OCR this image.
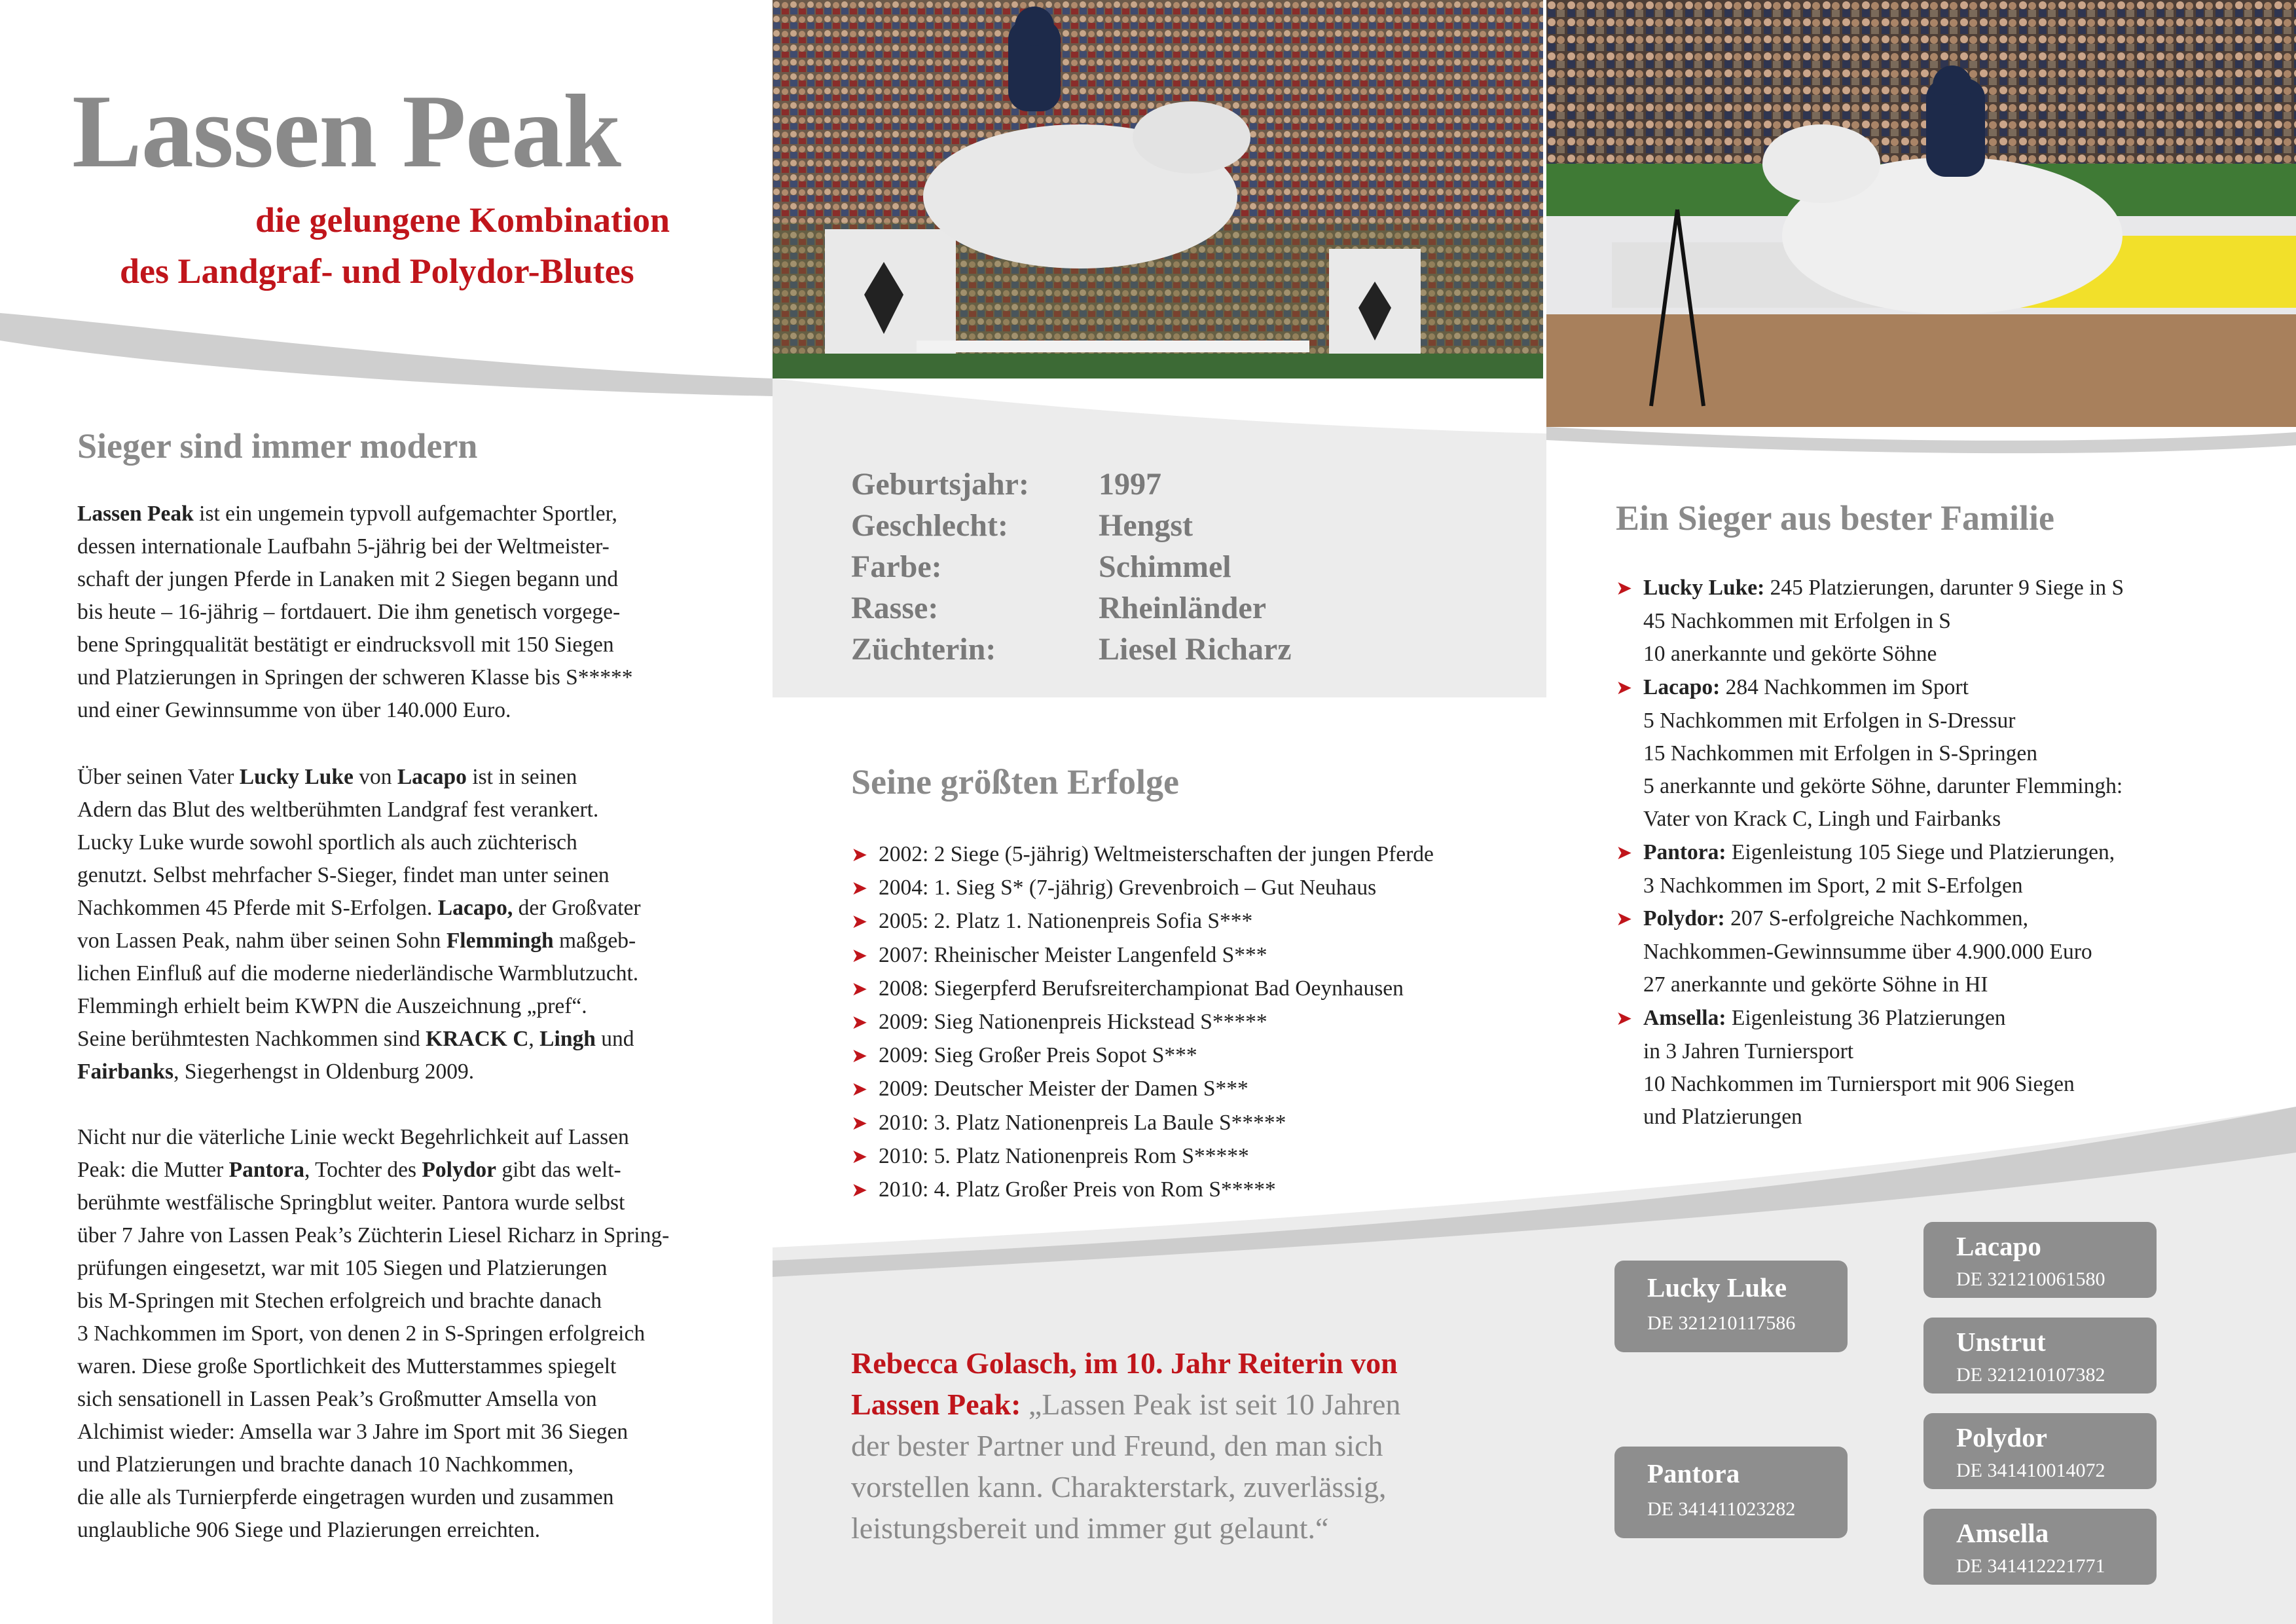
Lassen Peak
die gelungene Kombination
des Landgraf- und Polydor-Blutes
Sieger sind immer modern
Lassen Peak ist ein ungemein typvoll aufgemachter Sportler,
dessen internationale Laufbahn 5-jährig bei der Weltmeister-
schaft der jungen Pferde in Lanaken mit 2 Siegen begann und
bis heute – 16-jährig – fortdauert. Die ihm genetisch vorgege-
bene Springqualität bestätigt er eindrucksvoll mit 150 Siegen
und Platzierungen in Springen der schweren Klasse bis S*****
und einer Gewinnsumme von über 140.000 Euro.
Über seinen Vater Lucky Luke von Lacapo ist in seinen
Adern das Blut des weltberühmten Landgraf fest verankert.
Lucky Luke wurde sowohl sportlich als auch züchterisch
genutzt. Selbst mehrfacher S-Sieger, findet man unter seinen
Nachkommen 45 Pferde mit S-Erfolgen. Lacapo, der Großvater
von Lassen Peak, nahm über seinen Sohn Flemmingh maßgeb-
lichen Einfluß auf die moderne niederländische Warmblutzucht.
Flemmingh erhielt beim KWPN die Auszeichnung „pref“.
Seine berühmtesten Nachkommen sind KRACK C, Lingh und
Fairbanks, Siegerhengst in Oldenburg 2009.
Nicht nur die väterliche Linie weckt Begehrlichkeit auf Lassen
Peak: die Mutter Pantora, Tochter des Polydor gibt das welt-
berühmte westfälische Springblut weiter. Pantora wurde selbst
über 7 Jahre von Lassen Peak’s Züchterin Liesel Richarz in Spring-
prüfungen eingesetzt, war mit 105 Siegen und Platzierungen
bis M-Springen mit Stechen erfolgreich und brachte danach
3 Nachkommen im Sport, von denen 2 in S-Springen erfolgreich
waren. Diese große Sportlichkeit des Mutterstammes spiegelt
sich sensationell in Lassen Peak’s Großmutter Amsella von
Alchimist wieder: Amsella war 3 Jahre im Sport mit 36 Siegen
und Platzierungen und brachte danach 10 Nachkommen,
die alle als Turnierpferde eingetragen wurden und zusammen
unglaubliche 906 Siege und Plazierungen erreichten.
Geburtsjahr: 1997
Geschlecht:	Hengst
Farbe:	Schimmel
Rasse:	Rheinländer
Züchterin:	Liesel Richarz
Seine größten Erfolge
➤ 2002: 2 Siege (5-jährig) Weltmeisterschaften der jungen Pferde
➤ 2004: 1. Sieg S* (7-jährig) Grevenbroich – Gut Neuhaus
➤ 2005: 2. Platz 1. Nationenpreis Sofia S***
➤ 2007: Rheinischer Meister Langenfeld S***
➤ 2008: Siegerpferd Berufsreiterchampionat Bad Oeynhausen
➤ 2009: Sieg Nationenpreis Hickstead S*****
➤ 2009: Sieg Großer Preis Sopot S***
➤ 2009: Deutscher Meister der Damen S***
➤ 2010: 3. Platz Nationenpreis La Baule S*****
➤ 2010: 5. Platz Nationenpreis Rom S*****
➤ 2010: 4. Platz Großer Preis von Rom S*****
Ein Sieger aus bester Familie
➤ Lucky Luke: 245 Platzierungen, darunter 9 Siege in S
45 Nachkommen mit Erfolgen in S
10 anerkannte und gekörte Söhne
➤ Lacapo: 284 Nachkommen im Sport
5 Nachkommen mit Erfolgen in S-Dressur
15 Nachkommen mit Erfolgen in S-Springen
5 anerkannte und gekörte Söhne, darunter Flemmingh:
Vater von Krack C, Lingh und Fairbanks
➤ Pantora: Eigenleistung 105 Siege und Platzierungen,
3 Nachkommen im Sport, 2 mit S-Erfolgen
➤ Polydor: 207 S-erfolgreiche Nachkommen,
Nachkommen-Gewinnsumme über 4.900.000 Euro
27 anerkannte und gekörte Söhne in HI
➤ Amsella: Eigenleistung 36 Platzierungen
in 3 Jahren Turniersport
10 Nachkommen im Turniersport mit 906 Siegen
und Platzierungen
Rebecca Golasch, im 10. Jahr Reiterin von
Lassen Peak: „Lassen Peak ist seit 10 Jahren
der bester Partner und Freund, den man sich
vorstellen kann. Charakterstark, zuverlässig,
leistungsbereit und immer gut gelaunt.“
Lucky Luke
DE 321210117586
Pantora
DE 341411023282
Lacapo
DE 321210061580
Unstrut
DE 321210107382
Polydor
DE 341410014072
Amsella
DE 341412221771
